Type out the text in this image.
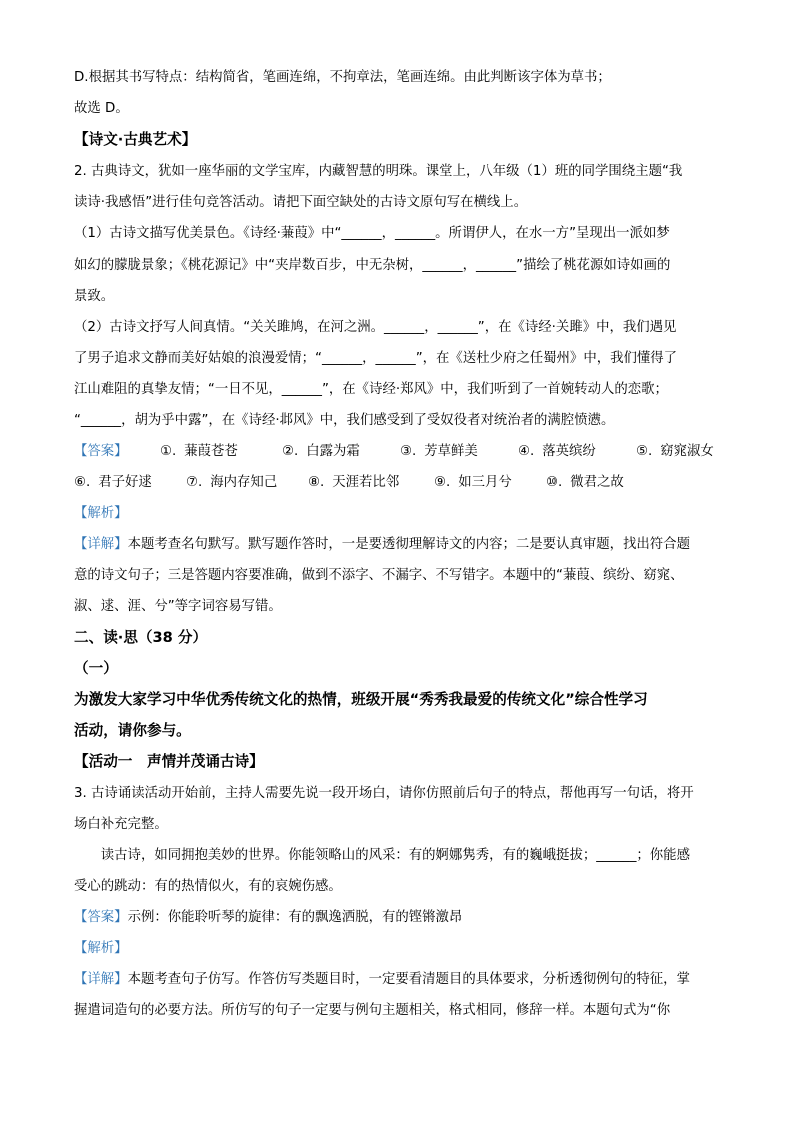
D.根据其书写特点：结构简省，笔画连绵，不拘章法，笔画连绵。由此判断该字体为草书；
故选 D。
【诗文·古典艺术】
2. 古典诗文，犹如一座华丽的文学宝库，内藏智慧的明珠。课堂上，八年级（1）班的同学围绕主题“我
读诗·我感悟”进行佳句竞答活动。请把下面空缺处的古诗文原句写在横线上。
（1）古诗文描写优美景色。《诗经·蒹葭》中“______，______。所谓伊人，在水一方”呈现出一派如梦
如幻的朦胧景象；《桃花源记》中“夹岸数百步，中无杂树，______，______”描绘了桃花源如诗如画的
景致。
（2）古诗文抒写人间真情。“关关雎鸠，在河之洲。______，______”，在《诗经·关雎》中，我们遇见
了男子追求文静而美好姑娘的浪漫爱情；“______，______”，在《送杜少府之任蜀州》中，我们懂得了
江山难阻的真挚友情；“一日不见，______”，在《诗经·郑风》中，我们听到了一首婉转动人的恋歌；
“______，胡为乎中露”，在《诗经·邶风》中，我们感受到了受奴役者对统治者的满腔愤懑。
【答案】 ①. 蒹葭苍苍	②. 白露为霜	③. 芳草鲜美	④. 落英缤纷	⑤. 窈窕淑女
⑥. 君子好逑	⑦. 海内存知己 ⑧. 天涯若比邻	⑨. 如三月兮	⑩. 微君之故
【解析】
【详解】本题考查名句默写。默写题作答时，一是要透彻理解诗文的内容；二是要认真审题，找出符合题
意的诗文句子；三是答题内容要准确，做到不添字、不漏字、不写错字。本题中的“蒹葭、缤纷、窈窕、
淑、逑、涯、兮”等字词容易写错。
二、读·思（38 分）
（一）
为激发大家学习中华优秀传统文化的热情，班级开展“秀秀我最爱的传统文化”综合性学习
活动，请你参与。
【活动一　声情并茂诵古诗】
3. 古诗诵读活动开始前，主持人需要先说一段开场白，请你仿照前后句子的特点，帮他再写一句话，将开
场白补充完整。
　　读古诗，如同拥抱美妙的世界。你能领略山的风采：有的婀娜隽秀，有的巍峨挺拔；______；你能感
受心的跳动：有的热情似火，有的哀婉伤感。
【答案】示例：你能聆听琴的旋律：有的飘逸洒脱，有的铿锵激昂
【解析】
【详解】本题考查句子仿写。作答仿写类题目时，一定要看清题目的具体要求，分析透彻例句的特征，掌
握遣词造句的必要方法。所仿写的句子一定要与例句主题相关，格式相同，修辞一样。本题句式为“你
